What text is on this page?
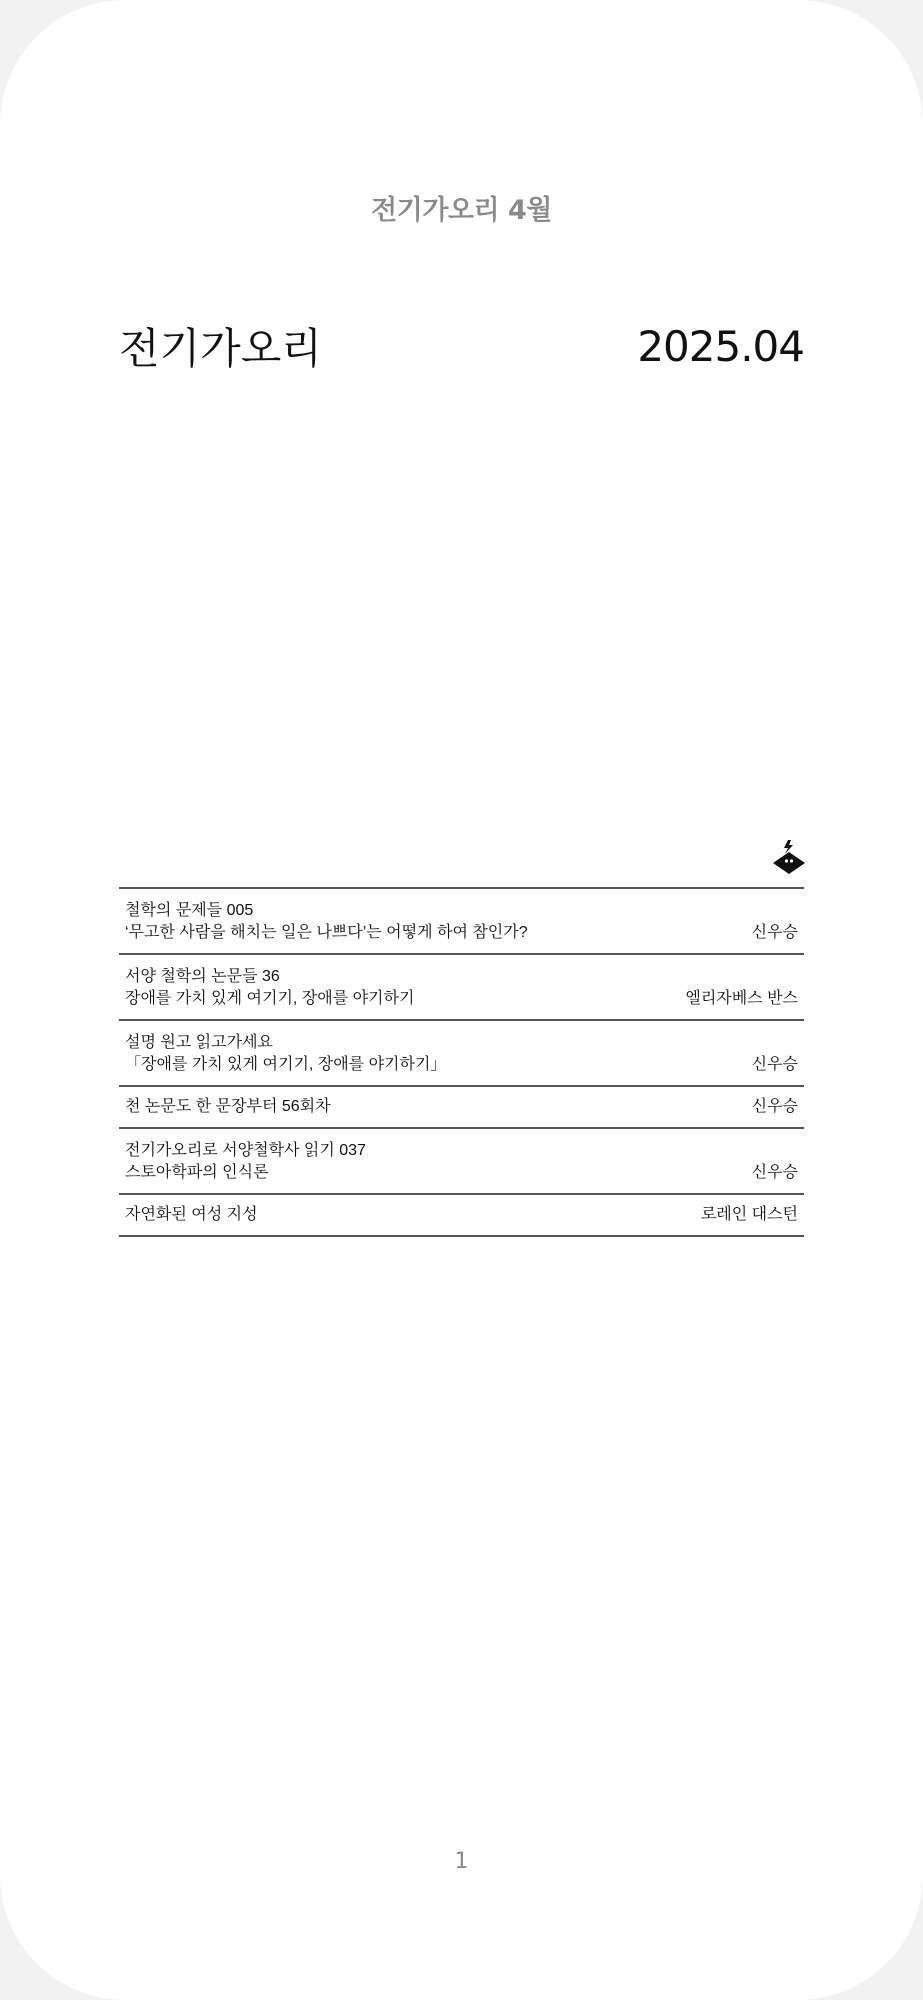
전기가오리 4월
전기가오리	2025.04
철학의 문제들 005
‘무고한 사람을 해치는 일은 나쁘다’는 어떻게 하여 참인가?	신우승
서양 철학의 논문들 36
장애를 가치 있게 여기기, 장애를 야기하기	엘리자베스 반스
설명 원고 읽고가세요
「장애를 가치 있게 여기기, 장애를 야기하기」	신우승
천 논문도 한 문장부터 56회차	신우승
전기가오리로 서양철학사 읽기 037
스토아학파의 인식론	신우승
자연화된 여성 지성	로레인 대스턴
1
